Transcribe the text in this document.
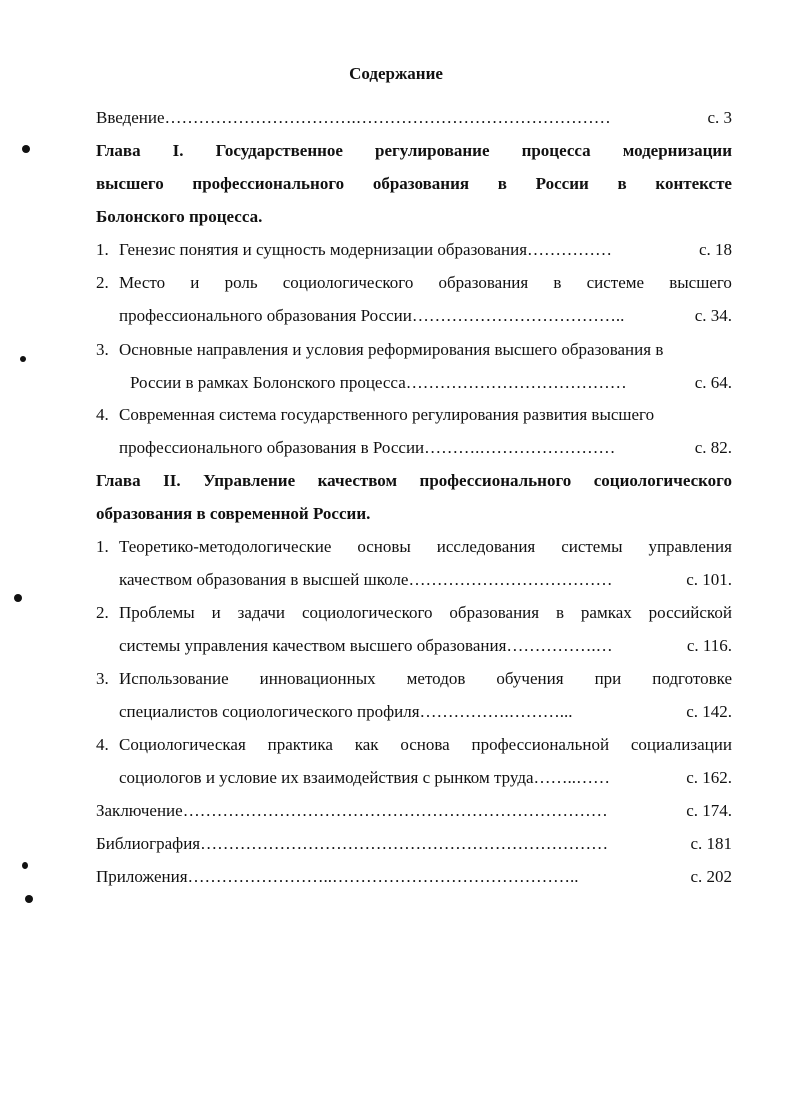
Содержание
Введение …………………………….………………………………………	с. 3
Глава I. Государственное регулирование процесса модернизации
высшего профессионального образования в России в контексте
Болонского процесса.
1. Генезис понятия и сущность модернизации образования ……………	с. 18
2. Место и роль социологического образования в системе высшего
профессионального образования России ………………………………..	с. 34.
3. Основные направления и условия реформирования высшего образования в
России в рамках Болонского процесса …………………………………	с. 64.
4. Современная система государственного регулирования развития высшего
профессионального образования в России ……….……………………	с. 82.
Глава II. Управление качеством профессионального социологического
образования в современной России.
1. Теоретико-методологические основы исследования системы управления
качеством образования в высшей школе ………………………………	с. 101.
2. Проблемы и задачи социологического образования в рамках российской
системы управления качеством высшего образования …………….…	с. 116.
3. Использование инновационных методов обучения при подготовке
специалистов социологического профиля …………….………...	с. 142.
4. Социологическая практика как основа профессиональной социализации
социологов и условие их взаимодействия с рынком труда ……..……	с. 162.
Заключение …………………………………………………………………	с. 174.
Библиография ………………………………………………………………	с. 181
Приложения ……………………..……………………………………..	с. 202
